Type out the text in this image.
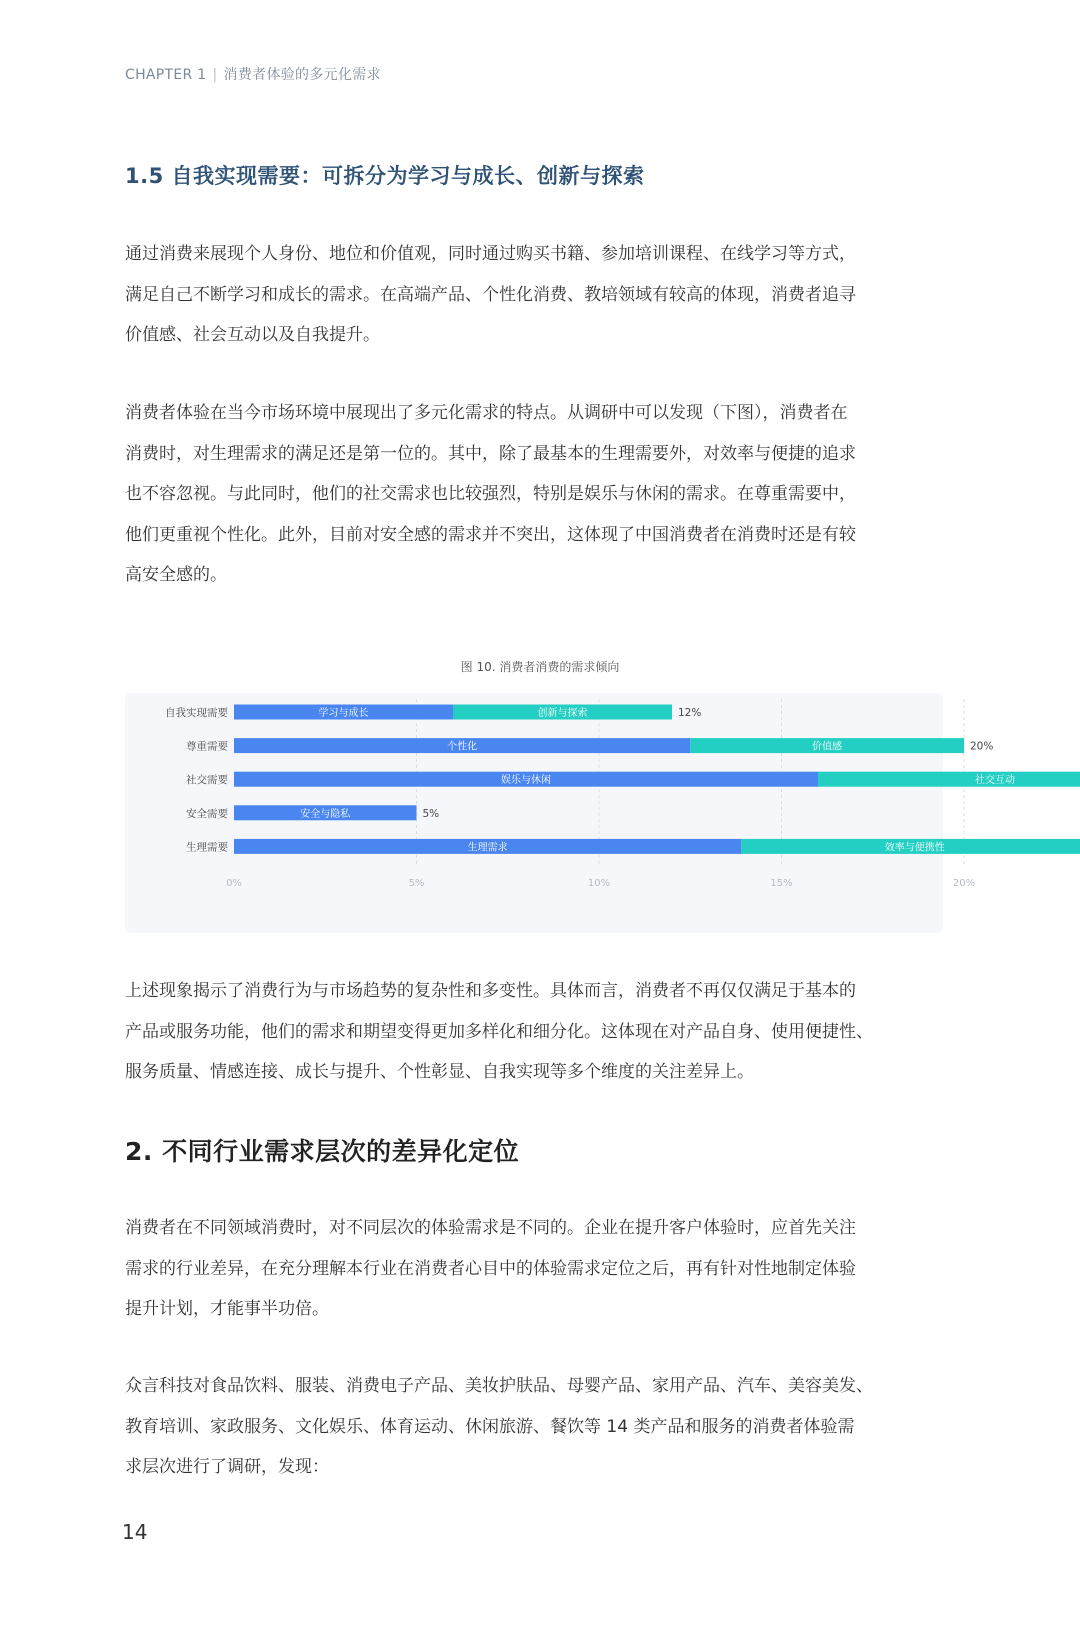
CHAPTER 1 | 消费者体验的多元化需求
1.5 自我实现需要：可拆分为学习与成长、创新与探索

通过消费来展现个人身份、地位和价值观，同时通过购买书籍、参加培训课程、在线学习等方式，

满足自己不断学习和成长的需求。在高端产品、个性化消费、教培领域有较高的体现，消费者追寻

价值感、社会互动以及自我提升。

消费者体验在当今市场环境中展现出了多元化需求的特点。从调研中可以发现（下图），消费者在

消费时，对生理需求的满足还是第一位的。其中，除了最基本的生理需要外，对效率与便捷的追求

也不容忽视。与此同时，他们的社交需求也比较强烈，特别是娱乐与休闲的需求。在尊重需要中，

他们更重视个性化。此外，目前对安全感的需求并不突出，这体现了中国消费者在消费时还是有较

高安全感的。

图 10. 消费者消费的需求倾向
0%	5%	10%	15%	20%
自我实现需要	学习与成长	创新与探索	12%
尊重需要	个性化	价值感	20%
社交需要	娱乐与休闲	社交互动
安全需要	安全与隐私	5%
生理需要	生理需求	效率与便携性

上述现象揭示了消费行为与市场趋势的复杂性和多变性。具体而言，消费者不再仅仅满足于基本的

产品或服务功能，他们的需求和期望变得更加多样化和细分化。这体现在对产品自身、使用便捷性、

服务质量、情感连接、成长与提升、个性彰显、自我实现等多个维度的关注差异上。

2. 不同行业需求层次的差异化定位

消费者在不同领域消费时，对不同层次的体验需求是不同的。企业在提升客户体验时，应首先关注

需求的行业差异，在充分理解本行业在消费者心目中的体验需求定位之后，再有针对性地制定体验

提升计划，才能事半功倍。

众言科技对食品饮料、服装、消费电子产品、美妆护肤品、母婴产品、家用产品、汽车、美容美发、

教育培训、家政服务、文化娱乐、体育运动、休闲旅游、餐饮等 14 类产品和服务的消费者体验需

求层次进行了调研，发现：

14
